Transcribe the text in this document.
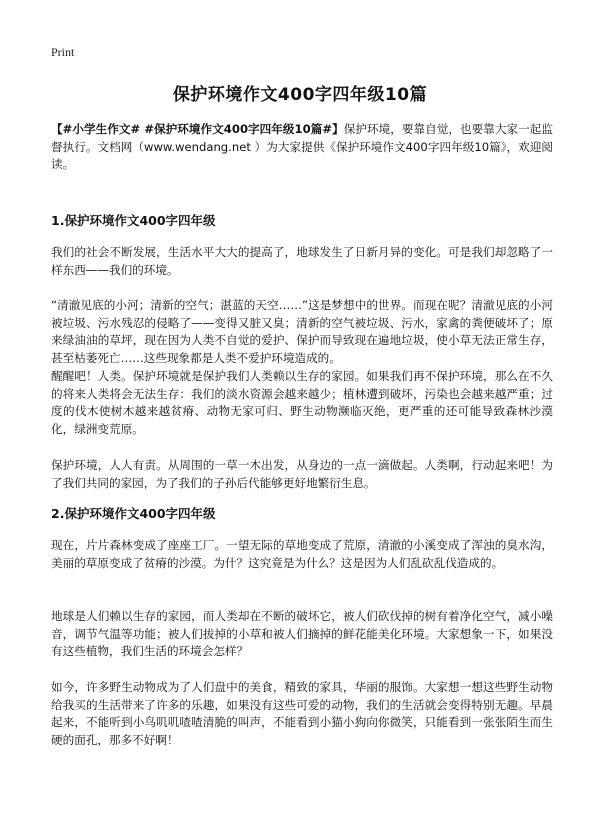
Print
保护环境作文400字四年级10篇
【#小学生作文# #保护环境作文400字四年级10篇#】保护环境，要靠自觉，也要靠大家一起监督执行。文档网（www.wendang.net ）为大家提供《保护环境作文400字四年级10篇》，欢迎阅读。
1.保护环境作文400字四年级
我们的社会不断发展，生活水平大大的提高了，地球发生了日新月异的变化。可是我们却忽略了一样东西——我们的环境。
“清澈见底的小河；清新的空气；湛蓝的天空……”这是梦想中的世界。而现在呢？清澈见底的小河被垃圾、污水残忍的侵略了——变得又脏又臭；清新的空气被垃圾、污水，家禽的粪便破坏了；原来绿油油的草坪，现在因为人类不自觉的爱护、保护而导致现在遍地垃圾，使小草无法正常生存，甚至枯萎死亡……这些现象都是人类不爱护环境造成的。
醒醒吧！人类。保护环境就是保护我们人类赖以生存的家园。如果我们再不保护环境，那么在不久的将来人类将会无法生存：我们的淡水资源会越来越少；植林遭到破坏，污染也会越来越严重；过度的伐木使树木越来越贫瘠、动物无家可归、野生动物濒临灭绝，更严重的还可能导致森林沙漠化，绿洲变荒原。
保护环境，人人有责。从周围的一草一木出发，从身边的一点一滴做起。人类啊，行动起来吧！为了我们共同的家园，为了我们的子孙后代能够更好地繁衍生息。
2.保护环境作文400字四年级
现在，片片森林变成了座座工厂。一望无际的草地变成了荒原，清澈的小溪变成了浑浊的臭水沟，美丽的草原变成了贫瘠的沙漠。为什？这究竟是为什么？这是因为人们乱砍乱伐造成的。
地球是人们赖以生存的家园，而人类却在不断的破坏它，被人们砍伐掉的树有着净化空气，减小噪音，调节气温等功能；被人们拔掉的小草和被人们摘掉的鲜花能美化环境。大家想象一下，如果没有这些植物，我们生活的环境会怎样？
如今，许多野生动物成为了人们盘中的美食，精致的家具，华丽的服饰。大家想一想这些野生动物给我买的生活带来了许多的乐趣，如果没有这些可爱的动物，我们的生活就会变得特别无趣。早晨起来，不能听到小鸟叽叽喳喳清脆的叫声，不能看到小猫小狗向你微笑，只能看到一张张陌生而生硬的面孔，那多不好啊！
